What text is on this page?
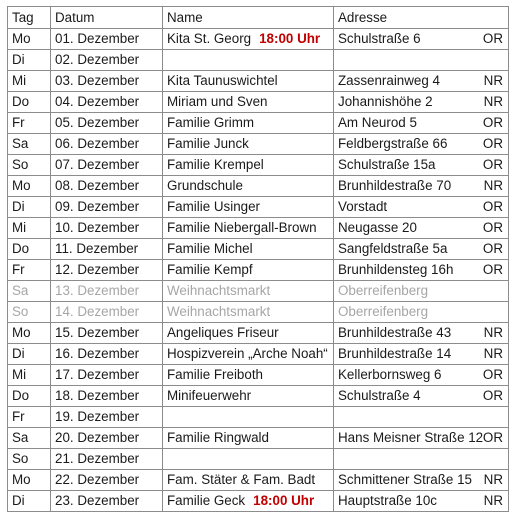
Tag	Datum	Name	Adresse
Mo	01. Dezember	Kita St. Georg 18:00 Uhr	Schulstraße 6 OR
Di	02. Dezember		
Mi	03. Dezember	Kita Taunuswichtel	Zassenrainweg 4 NR
Do	04. Dezember	Miriam und Sven	Johannishöhe 2 NR
Fr	05. Dezember	Familie Grimm	Am Neurod 5 OR
Sa	06. Dezember	Familie Junck	Feldbergstraße 66 OR
So	07. Dezember	Familie Krempel	Schulstraße 15a OR
Mo	08. Dezember	Grundschule	Brunhildestraße 70 NR
Di	09. Dezember	Familie Usinger	Vorstadt OR
Mi	10. Dezember	Familie Niebergall-Brown	Neugasse 20 OR
Do	11. Dezember	Familie Michel	Sangfeldstraße 5a OR
Fr	12. Dezember	Familie Kempf	Brunhildensteg 16h OR
Sa	13. Dezember	Weihnachtsmarkt	Oberreifenberg
So	14. Dezember	Weihnachtsmarkt	Oberreifenberg
Mo	15. Dezember	Angeliques Friseur	Brunhildestraße 43 NR
Di	16. Dezember	Hospizverein „Arche Noah“	Brunhildestraße 14 NR
Mi	17. Dezember	Familie Freiboth	Kellerbornsweg 6 OR
Do	18. Dezember	Minifeuerwehr	Schulstraße 4 OR
Fr	19. Dezember		
Sa	20. Dezember	Familie Ringwald	Hans Meisner Straße 12OR
So	21. Dezember		
Mo	22. Dezember	Fam. Stäter & Fam. Badt	Schmittener Straße 15 NR
Di	23. Dezember	Familie Geck 18:00 Uhr	Hauptstraße 10c NR
